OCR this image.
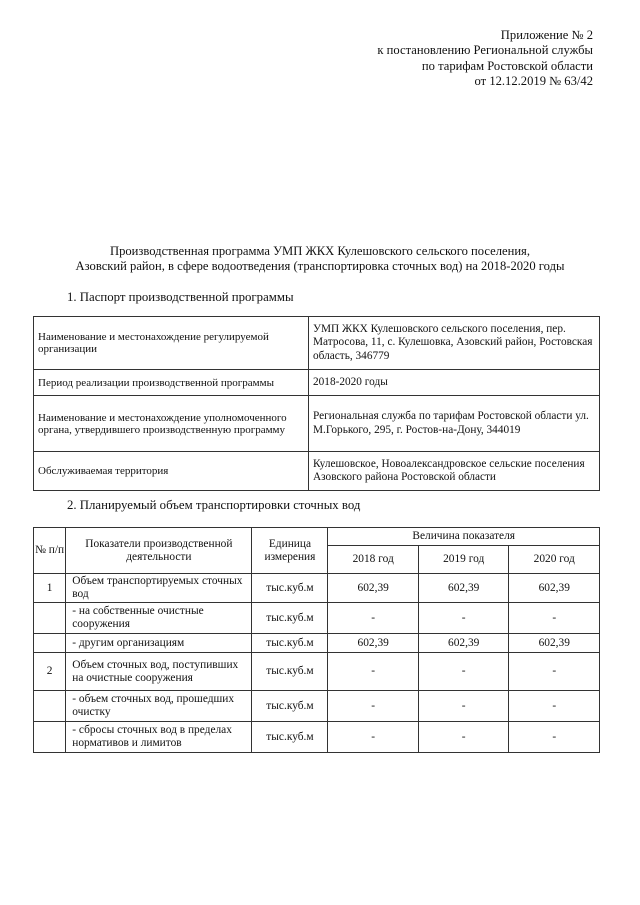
Приложение № 2
к постановлению Региональной службы
по тарифам Ростовской области
от 12.12.2019 № 63/42
Производственная программа УМП ЖКХ Кулешовского сельского поселения,
Азовский район, в сфере водоотведения (транспортировка сточных вод) на 2018-2020 годы
1. Паспорт производственной программы
Наименование и местонахождение регулируемой организации	УМП ЖКХ Кулешовского сельского поселения, пер. Матросова, 11, с. Кулешовка, Азовский район, Ростовская область, 346779
Период реализации производственной программы	2018-2020 годы
Наименование и местонахождение уполномоченного органа, утвердившего производственную программу	Региональная служба по тарифам Ростовской области ул. М.Горького, 295, г. Ростов-на-Дону, 344019
Обслуживаемая территория	Кулешовское, Новоалександровское сельские поселения Азовского района Ростовской области
2. Планируемый объем транспортировки сточных вод
№ п/п	Показатели производственной деятельности	Единица измерения	Величина показателя		
			2018 год	2019 год	2020 год
1	Объем транспортируемых сточных вод	тыс.куб.м	602,39	602,39	602,39
	- на собственные очистные сооружения	тыс.куб.м	-	-	-
	- другим организациям	тыс.куб.м	602,39	602,39	602,39
2	Объем сточных вод, поступивших на очистные сооружения	тыс.куб.м	-	-	-
	- объем сточных вод, прошедших очистку	тыс.куб.м	-	-	-
	- сбросы сточных вод в пределах нормативов и лимитов	тыс.куб.м	-	-	-
